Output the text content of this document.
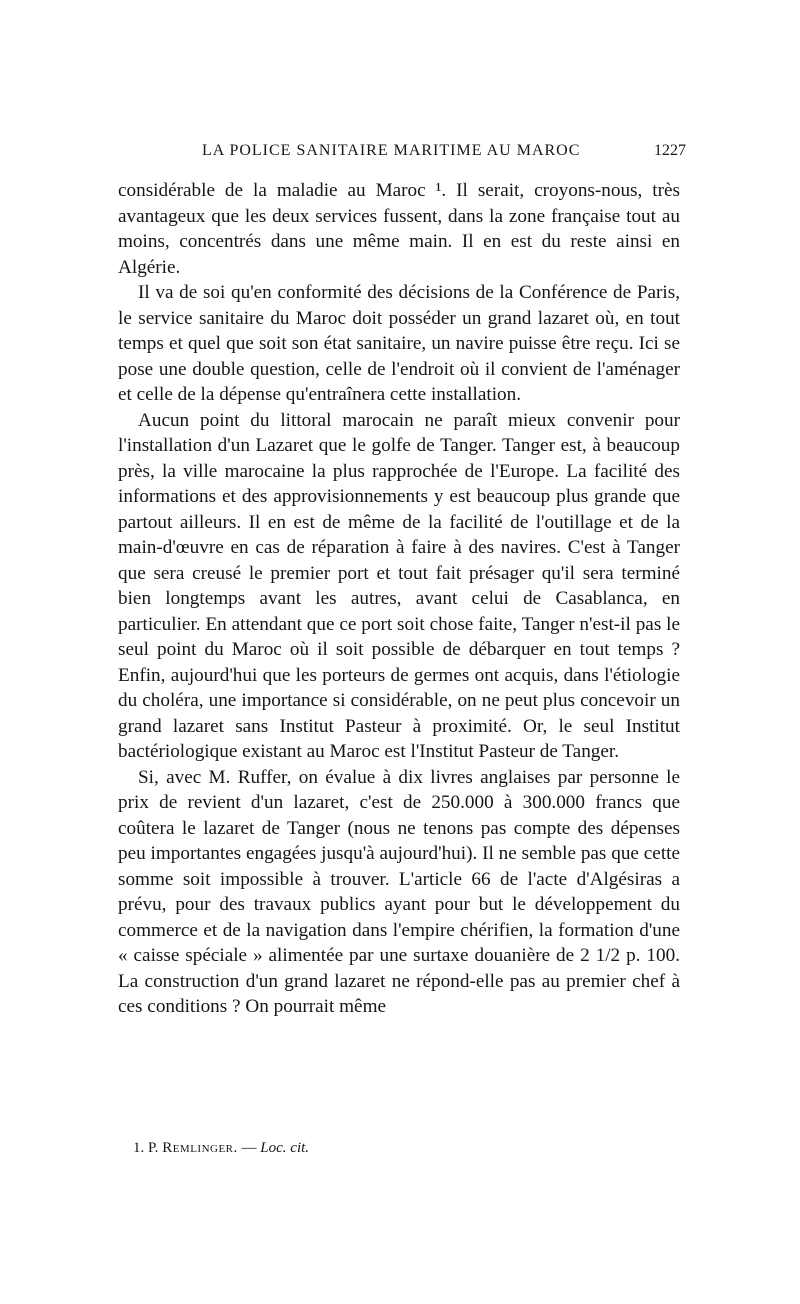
LA POLICE SANITAIRE MARITIME AU MAROC	1227

considérable de la maladie au Maroc ¹. Il serait, croyons-nous, très avantageux que les deux services fussent, dans la zone française tout au moins, concentrés dans une même main. Il en est du reste ainsi en Algérie.

Il va de soi qu'en conformité des décisions de la Conférence de Paris, le service sanitaire du Maroc doit posséder un grand lazaret où, en tout temps et quel que soit son état sanitaire, un navire puisse être reçu. Ici se pose une double question, celle de l'endroit où il convient de l'aménager et celle de la dépense qu'entraînera cette installation.

Aucun point du littoral marocain ne paraît mieux convenir pour l'installation d'un Lazaret que le golfe de Tanger. Tanger est, à beaucoup près, la ville marocaine la plus rapprochée de l'Europe. La facilité des informations et des approvisionnements y est beaucoup plus grande que partout ailleurs. Il en est de même de la facilité de l'outillage et de la main-d'œuvre en cas de réparation à faire à des navires. C'est à Tanger que sera creusé le premier port et tout fait présager qu'il sera terminé bien longtemps avant les autres, avant celui de Casablanca, en particulier. En attendant que ce port soit chose faite, Tanger n'est-il pas le seul point du Maroc où il soit possible de débarquer en tout temps ? Enfin, aujourd'hui que les porteurs de germes ont acquis, dans l'étiologie du choléra, une importance si considérable, on ne peut plus concevoir un grand lazaret sans Institut Pasteur à proximité. Or, le seul Institut bactériologique existant au Maroc est l'Institut Pasteur de Tanger.

Si, avec M. Ruffer, on évalue à dix livres anglaises par personne le prix de revient d'un lazaret, c'est de 250.000 à 300.000 francs que coûtera le lazaret de Tanger (nous ne tenons pas compte des dépenses peu importantes engagées jusqu'à aujourd'hui). Il ne semble pas que cette somme soit impossible à trouver. L'article 66 de l'acte d'Algésiras a prévu, pour des travaux publics ayant pour but le développement du commerce et de la navigation dans l'empire chérifien, la formation d'une « caisse spéciale » alimentée par une surtaxe douanière de 2 1/2 p. 100. La construction d'un grand lazaret ne répond-elle pas au premier chef à ces conditions ? On pourrait même

1. P. Remlinger. — Loc. cit.
